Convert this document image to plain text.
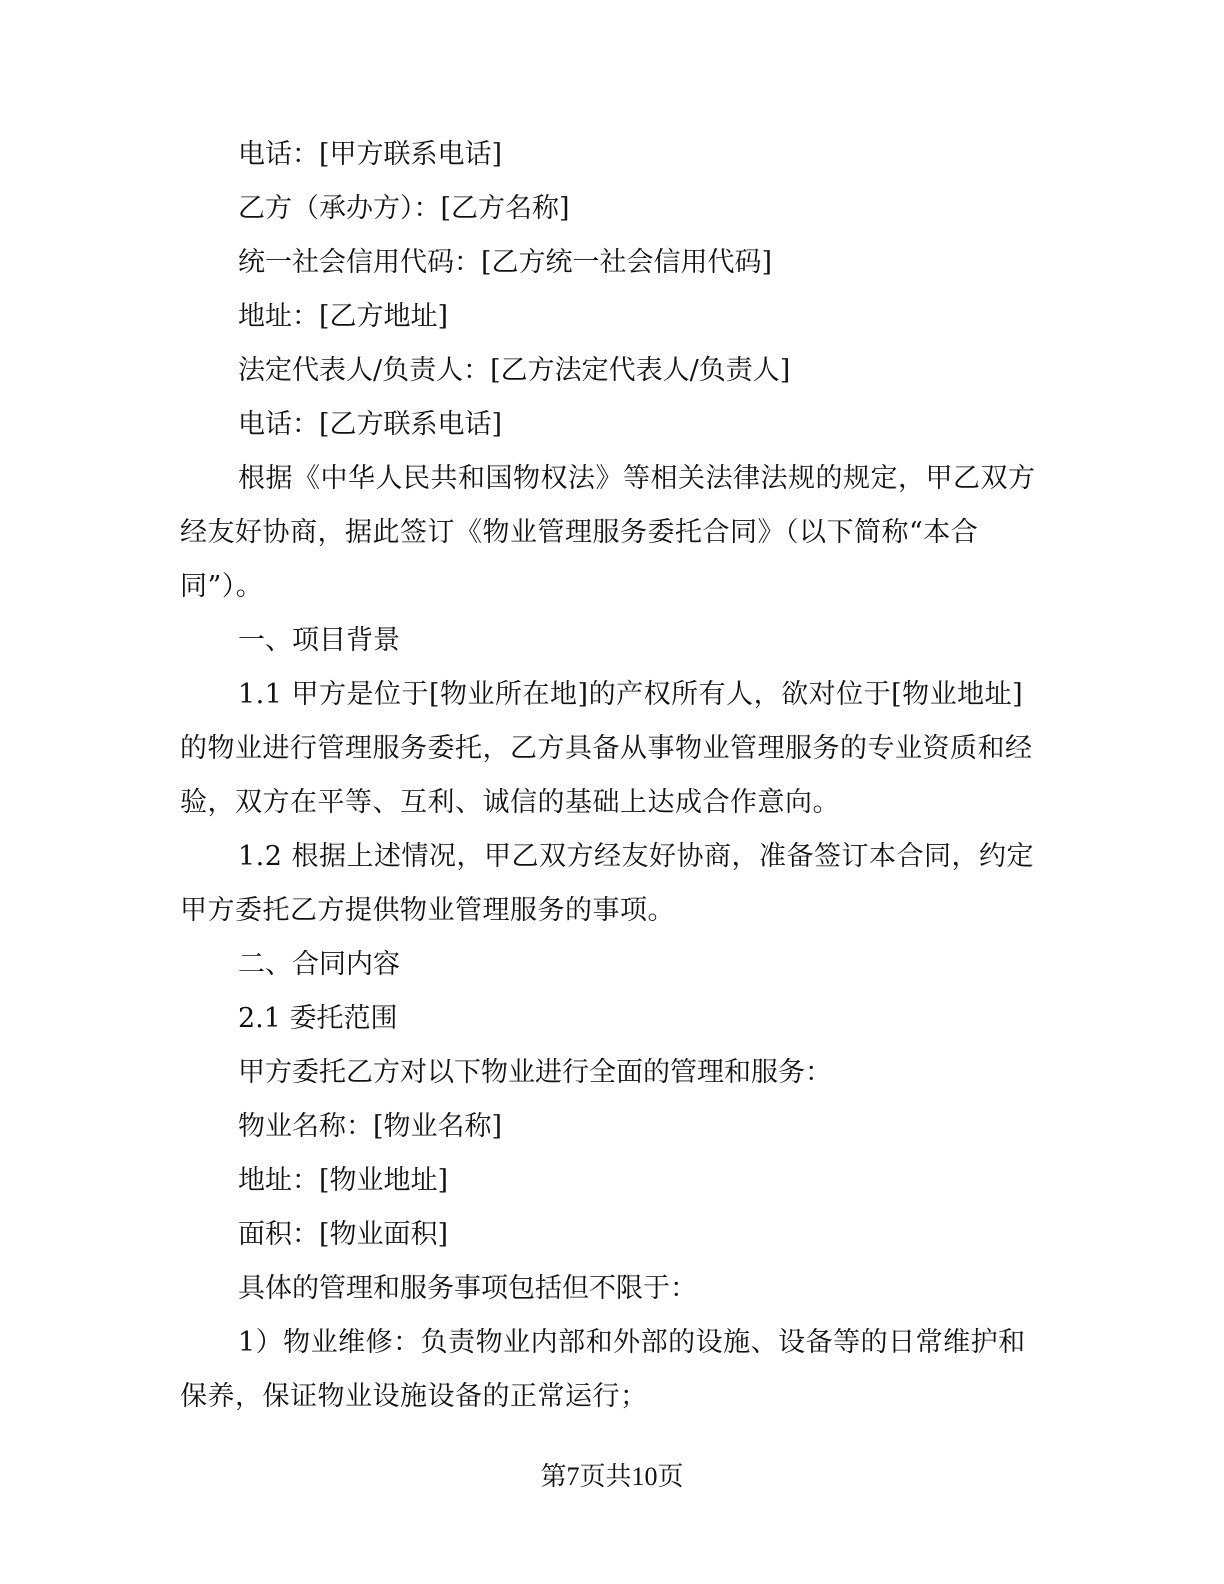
电话：[甲方联系电话]

乙方（承办方）：[乙方名称]

统一社会信用代码：[乙方统一社会信用代码]

地址：[乙方地址]

法定代表人/负责人：[乙方法定代表人/负责人]

电话：[乙方联系电话]

根据《中华人民共和国物权法》等相关法律法规的规定，甲乙双方经友好协商，据此签订《物业管理服务委托合同》（以下简称“本合同”）。

一、项目背景

1.1 甲方是位于[物业所在地]的产权所有人，欲对位于[物业地址]的物业进行管理服务委托，乙方具备从事物业管理服务的专业资质和经验，双方在平等、互利、诚信的基础上达成合作意向。

1.2 根据上述情况，甲乙双方经友好协商，准备签订本合同，约定甲方委托乙方提供物业管理服务的事项。

二、合同内容

2.1 委托范围

甲方委托乙方对以下物业进行全面的管理和服务：

物业名称：[物业名称]

地址：[物业地址]

面积：[物业面积]

具体的管理和服务事项包括但不限于：

1）物业维修：负责物业内部和外部的设施、设备等的日常维护和保养，保证物业设施设备的正常运行；

第7页共10页
